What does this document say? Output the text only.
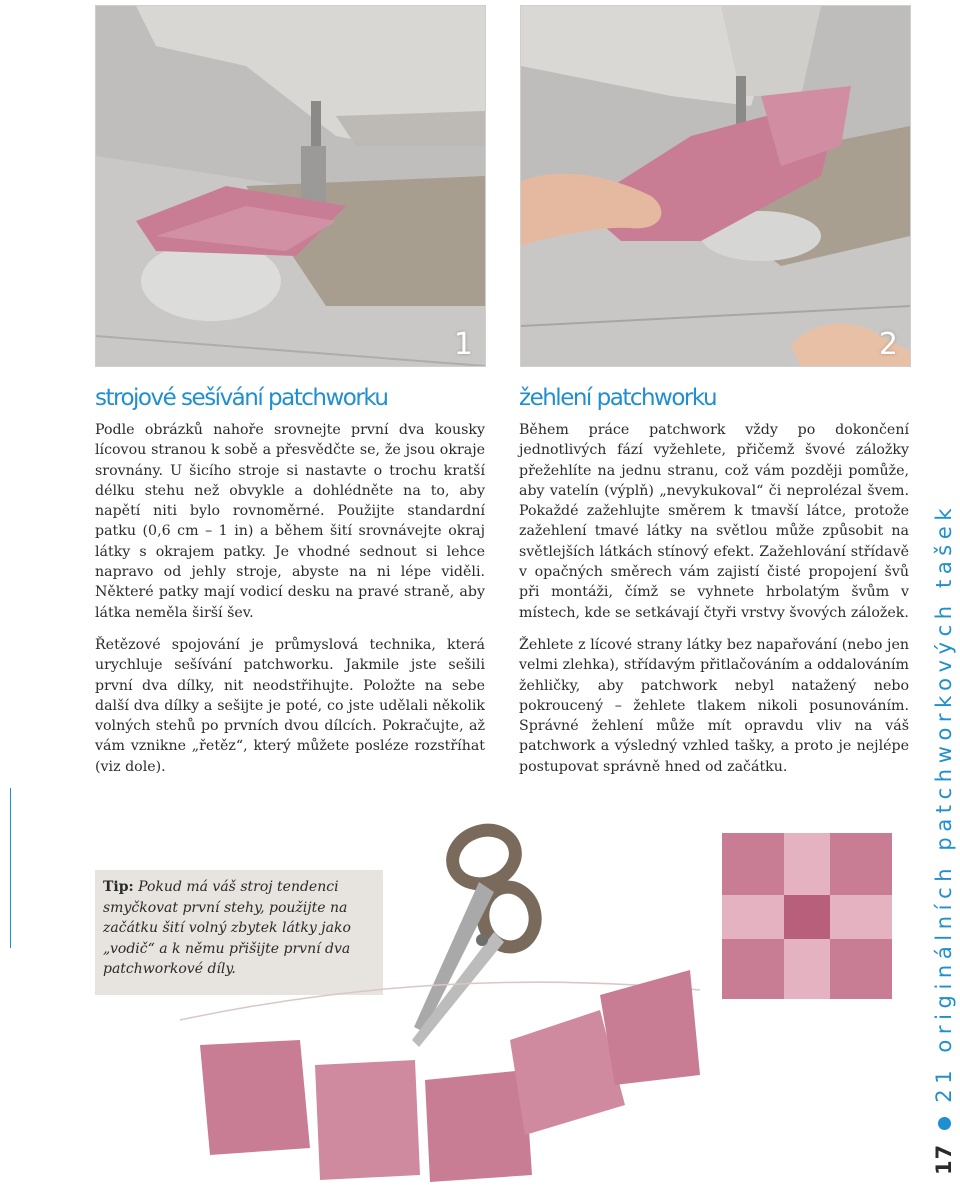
1	2
strojové sešívání patchworku

Podle obrázků nahoře srovnejte první dva kousky lícovou stranou k sobě a přesvědčte se, že jsou okraje srovnány. U šicího stroje si nastavte o trochu kratší délku stehu než obvykle a dohlédněte na to, aby napětí niti bylo rovnoměrné. Použijte standardní patku (0,6 cm – 1 in) a během šití srovnávejte okraj látky s okrajem patky. Je vhodné sednout si lehce napravo od jehly stroje, abyste na ni lépe viděli. Některé patky mají vodicí desku na pravé straně, aby látka neměla širší šev.

Řetězové spojování je průmyslová technika, která urychluje sešívání patchworku. Jakmile jste sešili první dva dílky, nit neodstřihujte. Položte na sebe další dva dílky a sešijte je poté, co jste udělali několik volných stehů po prvních dvou dílcích. Pokračujte, až vám vznikne „řetěz“, který můžete posléze rozstříhat (viz dole).

žehlení patchworku

Během práce patchwork vždy po dokončení jednotlivých fází vyžehlete, přičemž švové záložky přežehlíte na jednu stranu, což vám později pomůže, aby vatelín (výplň) „nevykukoval“ či neprolézal švem. Pokaždé zažehlujte směrem k tmavší látce, protože zažehlení tmavé látky na světlou může způsobit na světlejších látkách stínový efekt. Zažehlování střídavě v opačných směrech vám zajistí čisté propojení švů při montáži, čímž se vyhnete hrbolatým švům v místech, kde se setkávají čtyři vrstvy švových záložek.

Žehlete z lícové strany látky bez napařování (nebo jen velmi zlehka), střídavým přitlačováním a oddalováním žehličky, aby patchwork nebyl natažený nebo pokroucený – žehlete tlakem nikoli posunováním. Správné žehlení může mít opravdu vliv na váš patchwork a výsledný vzhled tašky, a proto je nejlépe postupovat správně hned od začátku.

Tip: Pokud má váš stroj tendenci smyčkovat první stehy, použijte na začátku šití volný zbytek látky jako „vodič“ a k němu přišijte první dva patchworkové díly.
17
21 originálních patchworkových tašek
